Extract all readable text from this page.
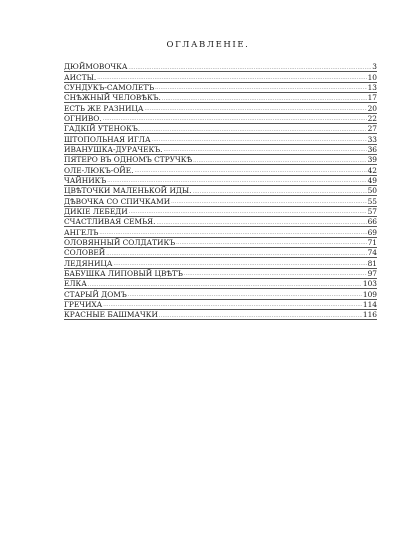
ОГЛАВЛЕНIЕ.
ДЮЙМОВОЧКА .....	3
АИСТЫ. .....	10
СУНДУКЪ-САМОЛЕТЪ .....	13
СНѢЖНЫЙ ЧЕЛОВѢКЪ. .....	17
ЕСТЬ ЖЕ РАЗНИЦА .....	20
ОГНИВО. .....	22
ГАДКIЙ УТЕНОКЪ. .....	27
ШТОПОЛЬНАЯ ИГЛА .....	33
ИВАНУШКА-ДУРАЧЕКЪ. .....	36
ПЯТЕРО ВЪ ОДНОМЪ СТРУЧКѢ .....	39
ОЛЕ-ЛЮКЪ-ОЙЕ. .....	42
ЧАЙНИКЪ .....	49
ЦВѢТОЧКИ МАЛЕНЬКОЙ ИДЫ. .....	50
ДѢВОЧКА СО СПИЧКАМИ .....	55
ДИКIЕ ЛЕБЕДИ .....	57
СЧАСТЛИВАЯ СЕМЬЯ. .....	66
АНГЕЛЪ .....	69
ОЛОВЯННЫЙ СОЛДАТИКЪ .....	71
СОЛОВЕЙ .....	74
ЛЕДЯНИЦА .....	81
БАБУШКА ЛИПОВЫЙ ЦВѢТЪ .....	97
ЕЛКА .....	103
СТАРЫЙ ДОМЪ .....	109
ГРЕЧИХА .....	114
КРАСНЫЕ БАШМАЧКИ .....	116
